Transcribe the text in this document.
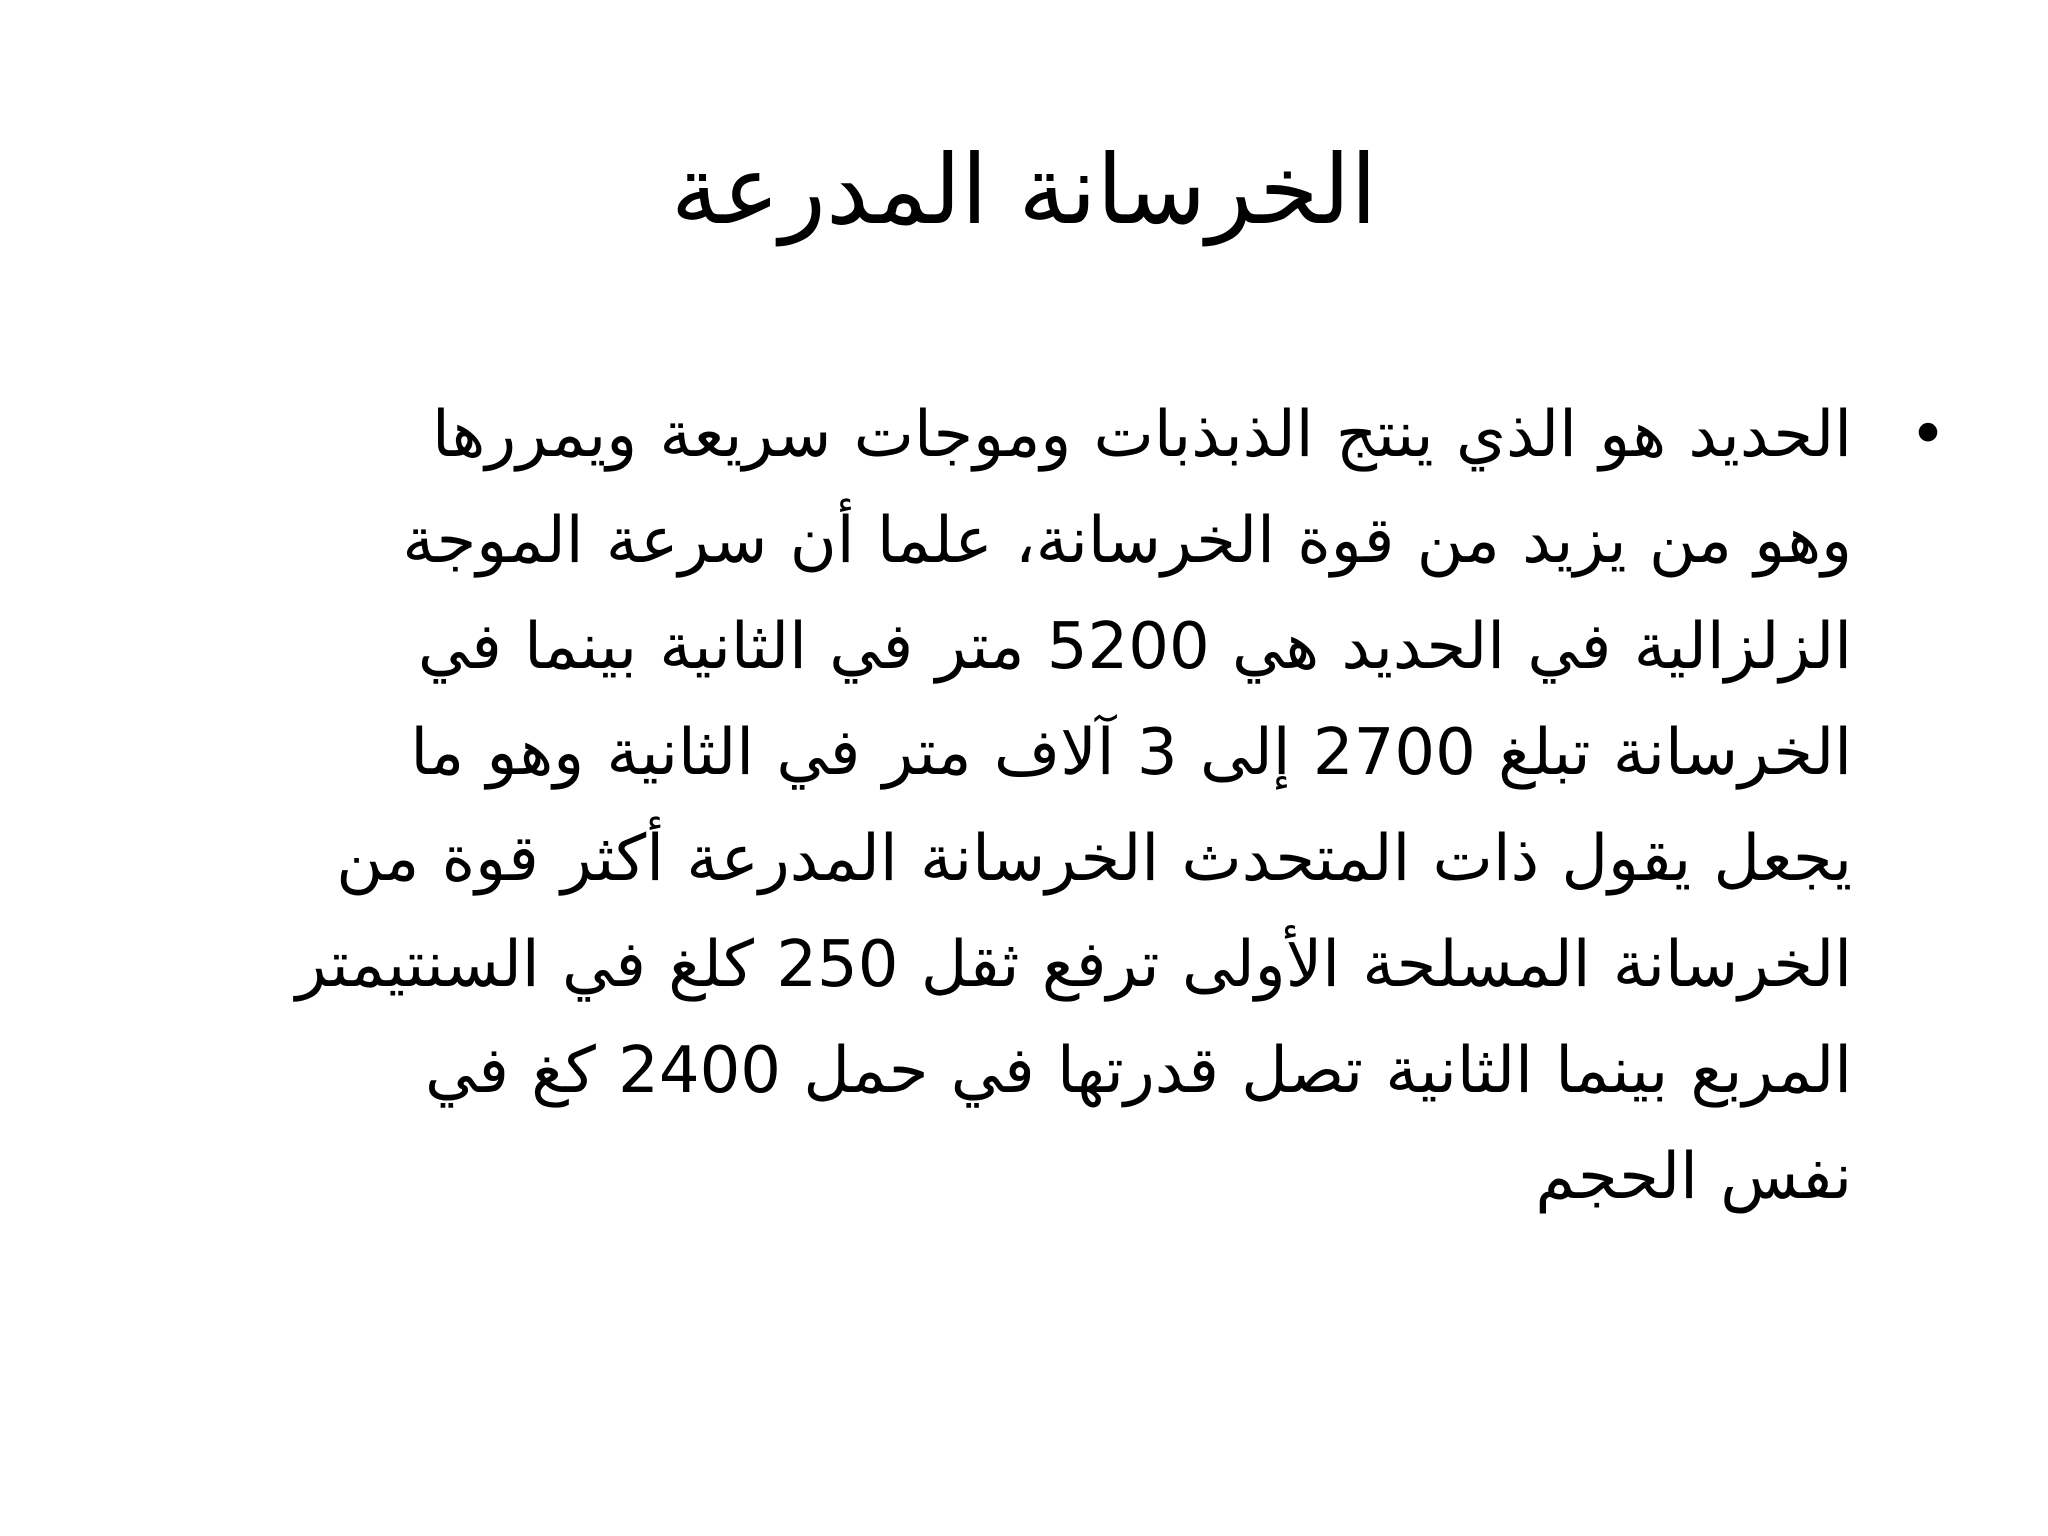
الخرسانة المدرعة
•
الحديد هو الذي ينتج الذبذبات وموجات سريعة ويمررها
وهو من يزيد من قوة الخرسانة، علما أن سرعة الموجة
الزلزالية في الحديد هي 5200 متر في الثانية بينما في
الخرسانة تبلغ 2700 إلى 3 آلاف متر في الثانية وهو ما
يجعل يقول ذات المتحدث الخرسانة المدرعة أكثر قوة من
الخرسانة المسلحة الأولى ترفع ثقل 250 كلغ في السنتيمتر
المربع بينما الثانية تصل قدرتها في حمل 2400 كغ في
نفس الحجم
